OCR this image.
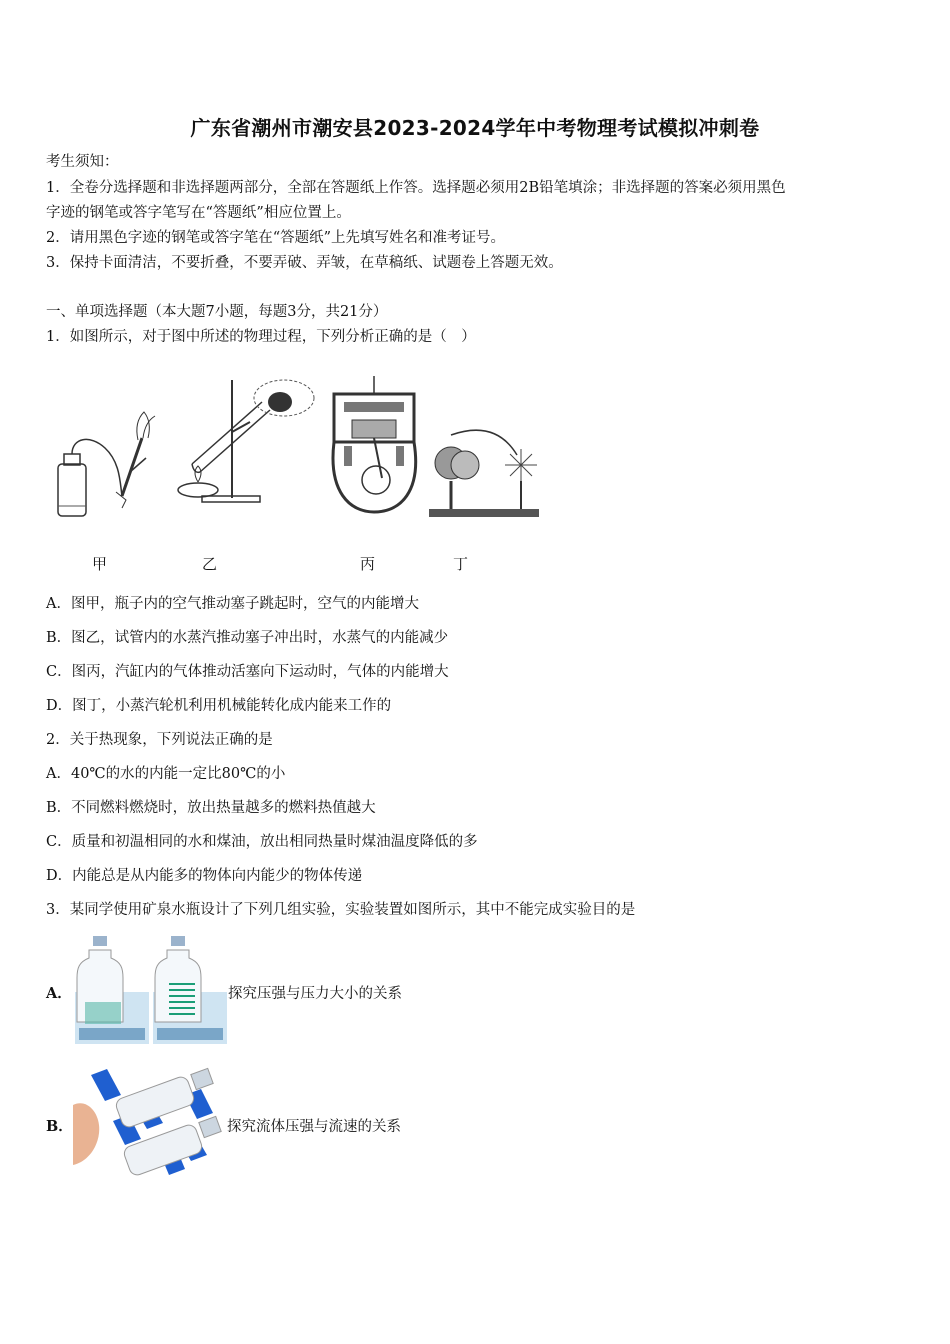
广东省潮州市潮安县2023-2024学年中考物理考试模拟冲刺卷
考生须知：
1．全卷分选择题和非选择题两部分，全部在答题纸上作答。选择题必须用2B铅笔填涂；非选择题的答案必须用黑色
字迹的钢笔或答字笔写在“答题纸”相应位置上。
2．请用黑色字迹的钢笔或答字笔在“答题纸”上先填写姓名和准考证号。
3．保持卡面清洁，不要折叠，不要弄破、弄皱，在草稿纸、试题卷上答题无效。
一、单项选择题（本大题7小题，每题3分，共21分）
1．如图所示，对于图中所述的物理过程，下列分析正确的是（　）
甲	乙	丙	丁
A．图甲，瓶子内的空气推动塞子跳起时，空气的内能增大
B．图乙，试管内的水蒸汽推动塞子冲出时，水蒸气的内能减少
C．图丙，汽缸内的气体推动活塞向下运动时，气体的内能增大
D．图丁，小蒸汽轮机利用机械能转化成内能来工作的
2．关于热现象，下列说法正确的是
A．40℃的水的内能一定比80℃的小
B．不同燃料燃烧时，放出热量越多的燃料热值越大
C．质量和初温相同的水和煤油，放出相同热量时煤油温度降低的多
D．内能总是从内能多的物体向内能少的物体传递
3．某同学使用矿泉水瓶设计了下列几组实验，实验装置如图所示，其中不能完成实验目的是
A．	探究压强与压力大小的关系
B．	探究流体压强与流速的关系
